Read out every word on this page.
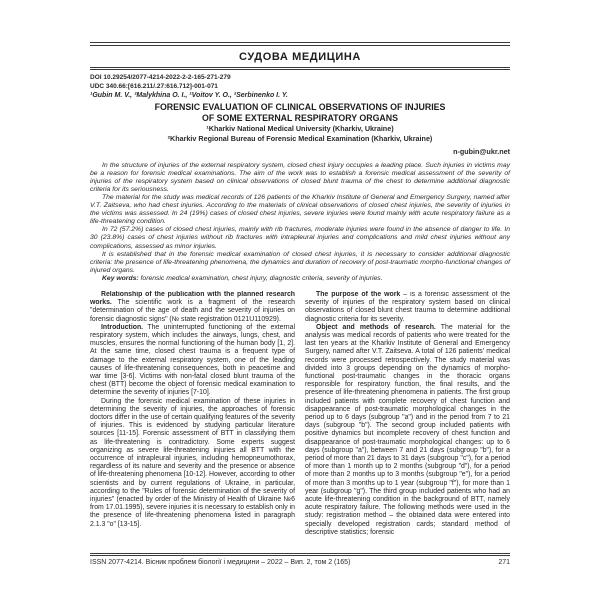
СУДОВА МЕДИЦИНА
DOI 10.29254/2077-4214-2022-2-2-165-271-279
UDC 340.66:[616.211/.27:616.712]-001-071
¹Gubin M. V., ²Malykhina O. I., ¹Voitov Y. O., ²Serbinenko I. Y.
FORENSIC EVALUATION OF CLINICAL OBSERVATIONS OF INJURIES
OF SOME EXTERNAL RESPIRATORY ORGANS
¹Kharkiv National Medical University (Kharkiv, Ukraine)
²Kharkiv Regional Bureau of Forensic Medical Examination (Kharkiv, Ukraine)
n-gubin@ukr.net

In the structure of injuries of the external respiratory system, closed chest injury occupies a leading place. Such injuries in victims may be a reason for forensic medical examinations. The aim of the work was to establish a forensic medical assessment of the severity of injuries of the respiratory system based on clinical observations of closed blunt trauma of the chest to determine additional diagnostic criteria for its seriousness.

The material for the study was medical records of 126 patients of the Kharkiv Institute of General and Emergency Surgery, named after V.T. Zaitseva, who had chest injuries. According to the materials of clinical observations of closed chest injuries, the severity of injuries in the victims was assessed. In 24 (19%) cases of closed chest injuries, severe injuries were found mainly with acute respiratory failure as a life-threatening condition.

In 72 (57.2%) cases of closed chest injuries, mainly with rib fractures, moderate injuries were found in the absence of danger to life. In 30 (23.8%) cases of chest injuries without rib fractures with intrapleural injuries and complications and mild chest injuries without any complications, assessed as minor injuries.

It is established that in the forensic medical examination of closed chest injuries, it is necessary to consider additional diagnostic criteria: the presence of life-threatening phenomena, the dynamics and duration of recovery of post-traumatic morpho-functional changes of injured organs.

Key words: forensic medical examination, chest injury, diagnostic criteria, severity of injuries.

Relationship of the publication with the planned research works. The scientific work is a fragment of the research "determination of the age of death and the severity of injuries on forensic diagnostic signs" (№ state registration 0121U110929).

Introduction. The uninterrupted functioning of the external respiratory system, which includes the airways, lungs, chest, and muscles, ensures the normal functioning of the human body [1, 2]. At the same time, closed chest trauma is a frequent type of damage to the external respiratory system, one of the leading causes of life-threatening consequences, both in peacetime and war time [3-6]. Victims with non-fatal closed blunt trauma of the chest (BTT) become the object of forensic medical examination to determine the severity of injuries [7-10].

During the forensic medical examination of these injuries in determining the severity of injuries, the approaches of forensic doctors differ in the use of certain qualifying features of the severity of injuries. This is evidenced by studying particular literature sources [11-15]. Forensic assessment of BTT in classifying them as life-threatening is contradictory. Some experts suggest organizing as severe life-threatening injuries all BTT with the occurrence of intrapleural injuries, including hemopneumothorax, regardless of its nature and severity and the presence or absence of life-threatening phenomena [10-12]. However, according to other scientists and by current regulations of Ukraine, in particular, according to the "Rules of forensic determination of the severity of injuries" (enacted by order of the Ministry of Health of Ukraine №6 from 17.01.1995), severe injuries it is necessary to establish only in the presence of life-threatening phenomena listed in paragraph 2.1.3 "o" [13-15].

The purpose of the work – is a forensic assessment of the severity of injuries of the respiratory system based on clinical observations of closed blunt chest trauma to determine additional diagnostic criteria for its severity.

Object and methods of research. The material for the analysis was medical records of patients who were treated for the last ten years at the Kharkiv Institute of General and Emergency Surgery, named after V.T. Zaitseva. A total of 126 patients' medical records were processed retrospectively. The study material was divided into 3 groups depending on the dynamics of morpho-functional post-traumatic changes in the thoracic organs responsible for respiratory function, the final results, and the presence of life-threatening phenomena in patients. The first group included patients with complete recovery of chest function and disappearance of post-traumatic morphological changes in the period up to 6 days (subgroup "a") and in the period from 7 to 21 days (subgroup "b"). The second group included patients with positive dynamics but incomplete recovery of chest function and disappearance of post-traumatic morphological changes: up to 6 days (subgroup "a"), between 7 and 21 days (subgroup "b"), for a period of more than 21 days to 31 days (subgroup "c"), for a period of more than 1 month up to 2 months (subgroup "d"), for a period of more than 2 months up to 3 months (subgroup "e"), for a period of more than 3 months up to 1 year (subgroup "f"), for more than 1 year (subgroup "g"). The third group included patients who had an acute life-threatening condition in the background of BTT, namely acute respiratory failure. The following methods were used in the study: registration method – the obtained data were entered into specially developed registration cards; standard method of descriptive statistics; forensic

ISSN 2077-4214. Вісник проблем біології і медицини – 2022 – Вип. 2, том 2 (165)	271
